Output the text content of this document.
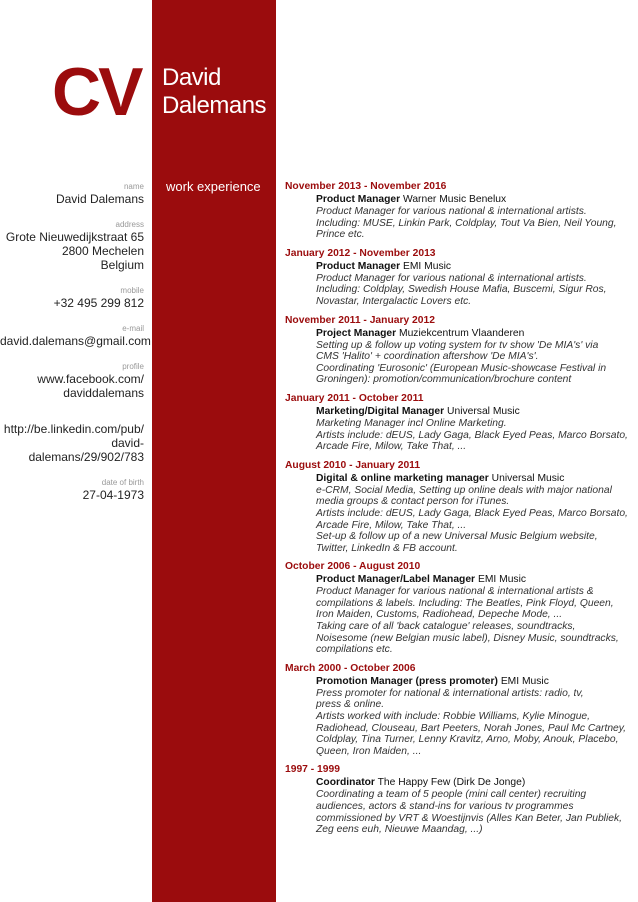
CV David
Dalemans
work experience
name
David Dalemans
address
Grote Nieuwedijkstraat 65
2800 Mechelen
Belgium
mobile
+32 495 299 812
e-mail
david.dalemans@gmail.com
profile
www.facebook.com/
daviddalemans
http://be.linkedin.com/pub/
david-dalemans/29/902/783
date of birth
27-04-1973
November 2013 - November 2016
Product Manager Warner Music Benelux
Product Manager for various national & international artists.
Including: MUSE, Linkin Park, Coldplay, Tout Va Bien, Neil Young,
Prince etc.
January 2012 - November 2013
Product Manager EMI Music
Product Manager for various national & international artists.
Including: Coldplay, Swedish House Mafia, Buscemi, Sigur Ros,
Novastar, Intergalactic Lovers etc.
November 2011 - January 2012
Project Manager Muziekcentrum Vlaanderen
Setting up & follow up voting system for tv show 'De MIA's' via
CMS 'Halito' + coordination aftershow 'De MIA's'.
Coordinating 'Eurosonic' (European Music-showcase Festival in
Groningen): promotion/communication/brochure content
January 2011 - October 2011
Marketing/Digital Manager Universal Music
Marketing Manager incl Online Marketing.
Artists include: dEUS, Lady Gaga, Black Eyed Peas, Marco Borsato,
Arcade Fire, Milow, Take That, ...
August 2010 - January 2011
Digital & online marketing manager Universal Music
e-CRM, Social Media, Setting up online deals with major national
media groups & contact person for iTunes.
Artists include: dEUS, Lady Gaga, Black Eyed Peas, Marco Borsato,
Arcade Fire, Milow, Take That, ...
Set-up & follow up of a new Universal Music Belgium website,
Twitter, LinkedIn & FB account.
October 2006 - August 2010
Product Manager/Label Manager EMI Music
Product Manager for various national & international artists &
compilations & labels. Including: The Beatles, Pink Floyd, Queen,
Iron Maiden, Customs, Radiohead, Depeche Mode, ...
Taking care of all 'back catalogue' releases, soundtracks,
Noisesome (new Belgian music label), Disney Music, soundtracks,
compilations etc.
March 2000 - October 2006
Promotion Manager (press promoter) EMI Music
Press promoter for national & international artists: radio, tv,
press & online.
Artists worked with include: Robbie Williams, Kylie Minogue,
Radiohead, Clouseau, Bart Peeters, Norah Jones, Paul Mc Cartney,
Coldplay, Tina Turner, Lenny Kravitz, Arno, Moby, Anouk, Placebo,
Queen, Iron Maiden, ...
1997 - 1999
Coordinator The Happy Few (Dirk De Jonge)
Coordinating a team of 5 people (mini call center) recruiting
audiences, actors & stand-ins for various tv programmes
commissioned by VRT & Woestijnvis (Alles Kan Beter, Jan Publiek,
Zeg eens euh, Nieuwe Maandag, ...)
